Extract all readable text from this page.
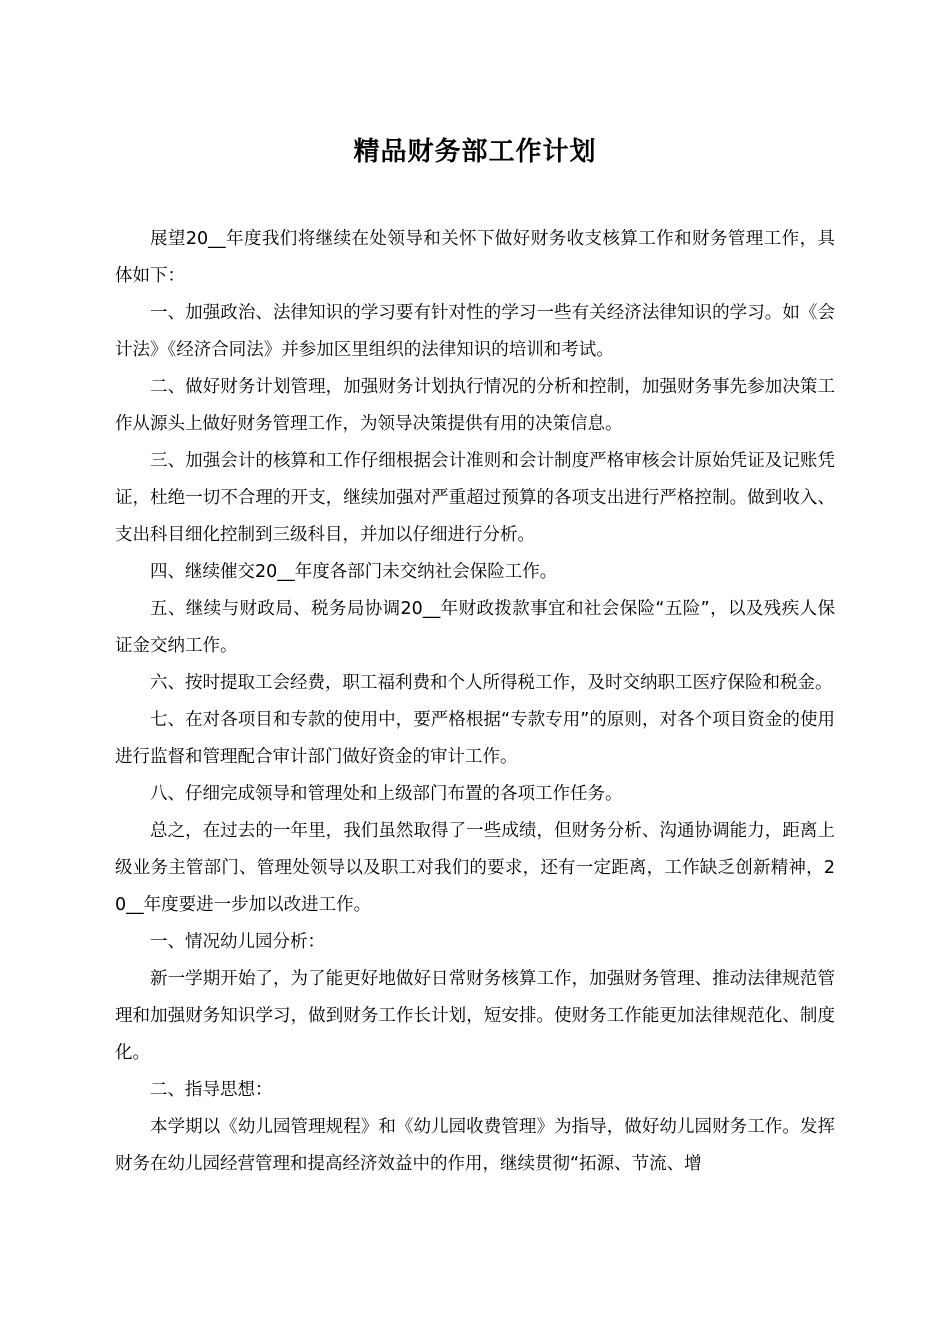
精品财务部工作计划

展望20__年度我们将继续在处领导和关怀下做好财务收支核算工作和财务管理工作，具体如下：

一、加强政治、法律知识的学习要有针对性的学习一些有关经济法律知识的学习。如《会计法》《经济合同法》并参加区里组织的法律知识的培训和考试。

二、做好财务计划管理，加强财务计划执行情况的分析和控制，加强财务事先参加决策工作从源头上做好财务管理工作，为领导决策提供有用的决策信息。

三、加强会计的核算和工作仔细根据会计准则和会计制度严格审核会计原始凭证及记账凭证，杜绝一切不合理的开支，继续加强对严重超过预算的各项支出进行严格控制。做到收入、支出科目细化控制到三级科目，并加以仔细进行分析。

四、继续催交20__年度各部门未交纳社会保险工作。

五、继续与财政局、税务局协调20__年财政拨款事宜和社会保险“五险”，以及残疾人保证金交纳工作。

六、按时提取工会经费，职工福利费和个人所得税工作，及时交纳职工医疗保险和税金。

七、在对各项目和专款的使用中，要严格根据“专款专用”的原则，对各个项目资金的使用进行监督和管理配合审计部门做好资金的审计工作。

八、仔细完成领导和管理处和上级部门布置的各项工作任务。

总之，在过去的一年里，我们虽然取得了一些成绩，但财务分析、沟通协调能力，距离上级业务主管部门、管理处领导以及职工对我们的要求，还有一定距离，工作缺乏创新精神，20__年度要进一步加以改进工作。

一、情况幼儿园分析：

新一学期开始了，为了能更好地做好日常财务核算工作，加强财务管理、推动法律规范管理和加强财务知识学习，做到财务工作长计划，短安排。使财务工作能更加法律规范化、制度化。

二、指导思想：

本学期以《幼儿园管理规程》和《幼儿园收费管理》为指导，做好幼儿园财务工作。发挥财务在幼儿园经营管理和提高经济效益中的作用，继续贯彻“拓源、节流、增
